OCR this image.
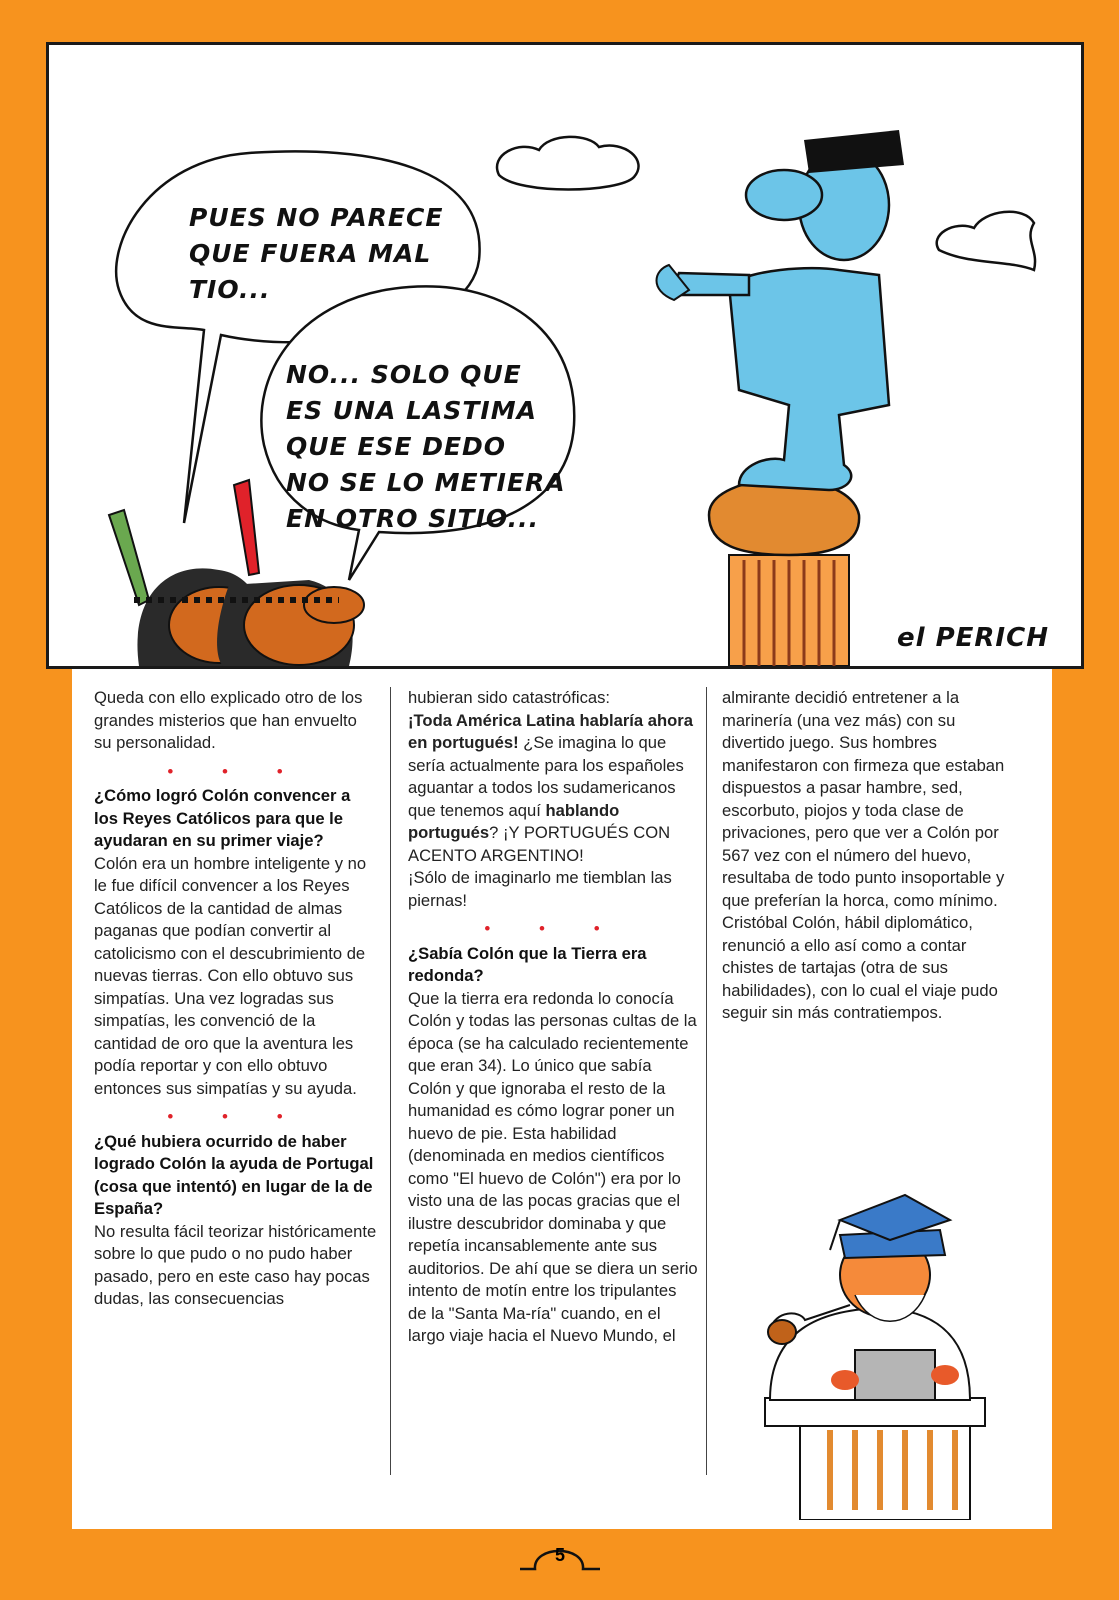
PUES NO PARECE
QUE FUERA MAL TIO...
NO... SOLO QUE
ES UNA LASTIMA
QUE ESE DEDO
NO SE LO METIERA
EN OTRO SITIO...
el PERICH

Queda con ello explicado otro de los grandes misterios que han envuelto su personalidad.

• • •

¿Cómo logró Colón convencer a los Reyes Católicos para que le ayudaran en su primer viaje?

Colón era un hombre inteligente y no le fue difícil convencer a los Reyes Católicos de la cantidad de almas paganas que podían convertir al catolicismo con el descubrimiento de nuevas tierras. Con ello obtuvo sus simpatías. Una vez logradas sus simpatías, les convenció de la cantidad de oro que la aventura les podía reportar y con ello obtuvo entonces sus simpatías y su ayuda.

• • •

¿Qué hubiera ocurrido de haber logrado Colón la ayuda de Portugal (cosa que intentó) en lugar de la de España?

No resulta fácil teorizar históricamente sobre lo que pudo o no pudo haber pasado, pero en este caso hay pocas dudas, las consecuencias

hubieran sido catastróficas:

¡Toda América Latina hablaría ahora en portugués! ¿Se imagina lo que sería actualmente para los españoles aguantar a todos los sudamericanos que tenemos aquí hablando portugués? ¡Y PORTUGUÉS CON ACENTO ARGENTINO!

¡Sólo de imaginarlo me tiemblan las piernas!

• • •

¿Sabía Colón que la Tierra era redonda?

Que la tierra era redonda lo conocía Colón y todas las personas cultas de la época (se ha calculado recientemente que eran 34). Lo único que sabía Colón y que ignoraba el resto de la humanidad es cómo lograr poner un huevo de pie. Esta habilidad (denominada en medios científicos como "El huevo de Colón") era por lo visto una de las pocas gracias que el ilustre descubridor dominaba y que repetía incansablemente ante sus auditorios. De ahí que se diera un serio intento de motín entre los tripulantes de la "Santa Ma-ría" cuando, en el largo viaje hacia el Nuevo Mundo, el

almirante decidió entretener a la marinería (una vez más) con su divertido juego. Sus hombres manifestaron con firmeza que estaban dispuestos a pasar hambre, sed, escorbuto, piojos y toda clase de privaciones, pero que ver a Colón por 567 vez con el número del huevo, resultaba de todo punto insoportable y que preferían la horca, como mínimo. Cristóbal Colón, hábil diplomático, renunció a ello así como a contar chistes de tartajas (otra de sus habilidades), con lo cual el viaje pudo seguir sin más contratiempos.

5
